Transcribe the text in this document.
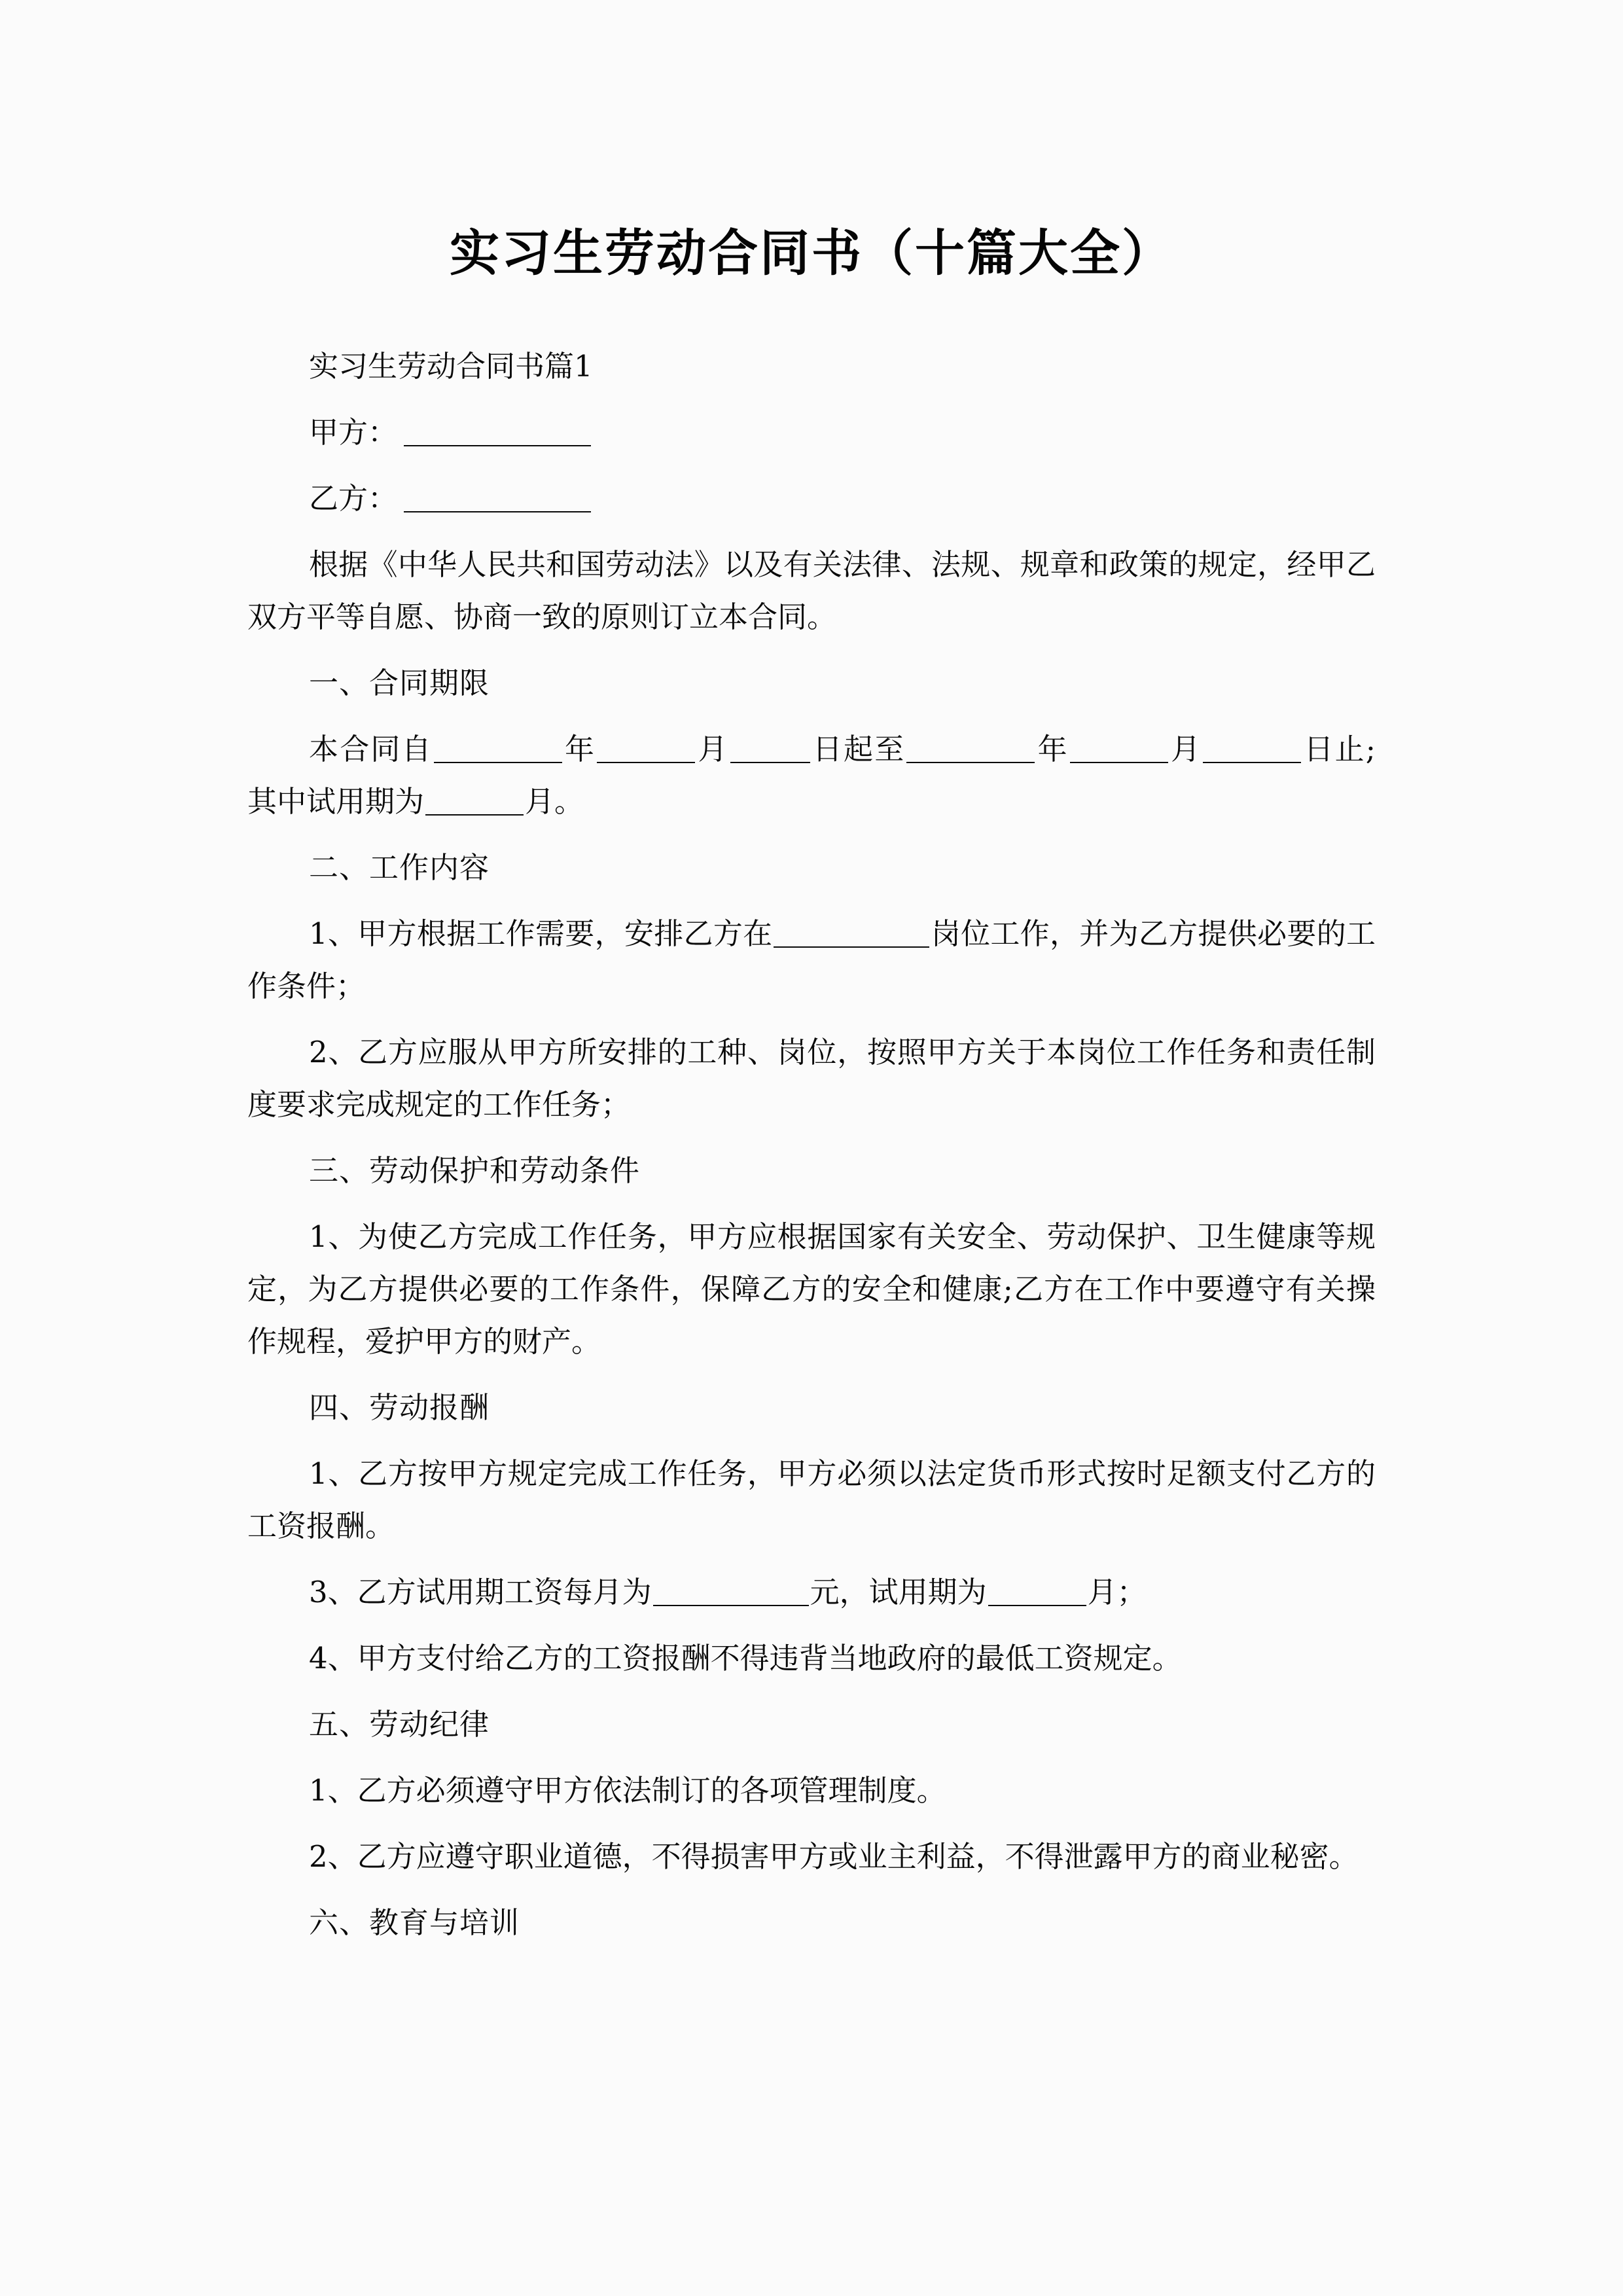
实习生劳动合同书（十篇大全）

实习生劳动合同书篇1

甲方：

乙方：

根据《中华人民共和国劳动法》以及有关法律、法规、规章和政策的规定，经甲乙双方平等自愿、协商一致的原则订立本合同。

一、合同期限

本合同自	年	月	日起至	年	月	日止;其中试用期为	月。

二、工作内容

1、甲方根据工作需要，安排乙方在	岗位工作，并为乙方提供必要的工作条件；

2、乙方应服从甲方所安排的工种、岗位，按照甲方关于本岗位工作任务和责任制度要求完成规定的工作任务；

三、劳动保护和劳动条件

1、为使乙方完成工作任务，甲方应根据国家有关安全、劳动保护、卫生健康等规定，为乙方提供必要的工作条件，保障乙方的安全和健康;乙方在工作中要遵守有关操作规程，爱护甲方的财产。

四、劳动报酬

1、乙方按甲方规定完成工作任务，甲方必须以法定货币形式按时足额支付乙方的工资报酬。

3、乙方试用期工资每月为	元，试用期为	月；

4、甲方支付给乙方的工资报酬不得违背当地政府的最低工资规定。

五、劳动纪律

1、乙方必须遵守甲方依法制订的各项管理制度。

2、乙方应遵守职业道德，不得损害甲方或业主利益，不得泄露甲方的商业秘密。

六、教育与培训
